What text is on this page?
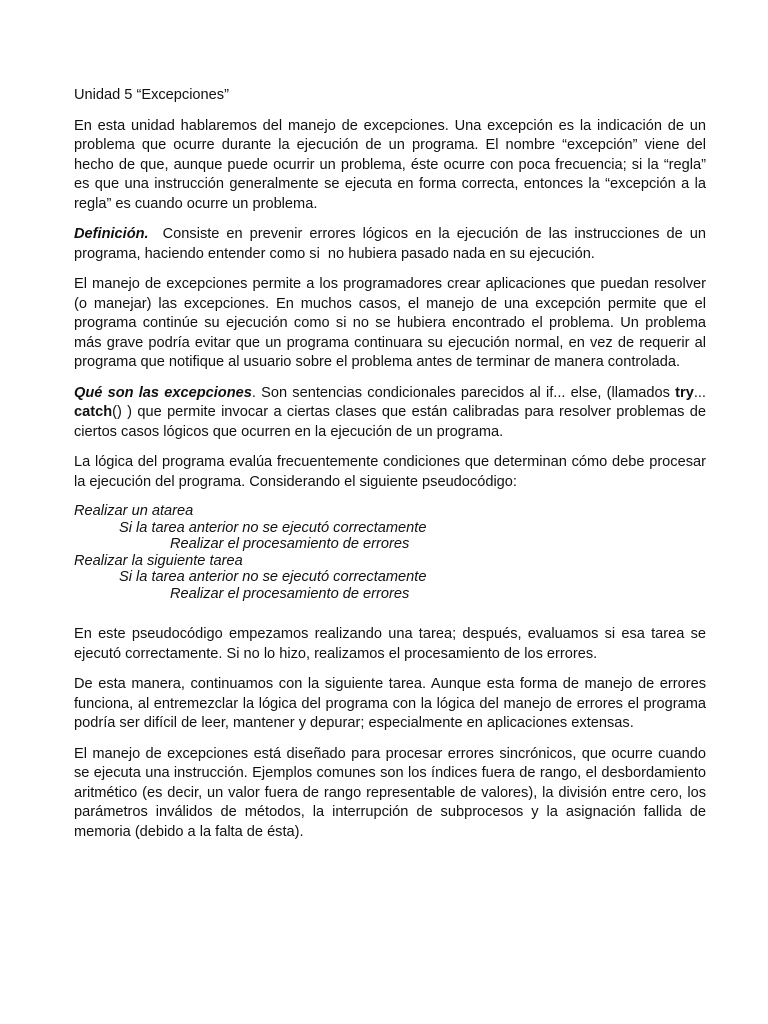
Unidad 5 “Excepciones”

En esta unidad hablaremos del manejo de excepciones. Una excepción es la indicación de un problema que ocurre durante la ejecución de un programa. El nombre “excepción” viene del hecho de que, aunque puede ocurrir un problema, éste ocurre con poca frecuencia; si la “regla” es que una instrucción generalmente se ejecuta en forma correcta, entonces la “excepción a la regla” es cuando ocurre un problema.

Definición.  Consiste en prevenir errores lógicos en la ejecución de las instrucciones de un programa, haciendo entender como si  no hubiera pasado nada en su ejecución.

El manejo de excepciones permite a los programadores crear aplicaciones que puedan resolver (o manejar) las excepciones. En muchos casos, el manejo de una excepción permite que el programa continúe su ejecución como si no se hubiera encontrado el problema. Un problema más grave podría evitar que un programa continuara su ejecución normal, en vez de requerir al programa que notifique al usuario sobre el problema antes de terminar de manera controlada.

Qué son las excepciones. Son sentencias condicionales parecidos al if... else, (llamados try... catch() ) que permite invocar a ciertas clases que están calibradas para resolver problemas de ciertos casos lógicos que ocurren en la ejecución de un programa.

La lógica del programa evalúa frecuentemente condiciones que determinan cómo debe procesar la ejecución del programa. Considerando el siguiente pseudocódigo:

Realizar un atarea
Si la tarea anterior no se ejecutó correctamente
Realizar el procesamiento de errores
Realizar la siguiente tarea
Si la tarea anterior no se ejecutó correctamente
Realizar el procesamiento de errores

En este pseudocódigo empezamos realizando una tarea; después, evaluamos si esa tarea se ejecutó correctamente. Si no lo hizo, realizamos el procesamiento de los errores.

De esta manera, continuamos con la siguiente tarea. Aunque esta forma de manejo de errores funciona, al entremezclar la lógica del programa con la lógica del manejo de errores el programa podría ser difícil de leer, mantener y depurar; especialmente en aplicaciones extensas.

El manejo de excepciones está diseñado para procesar errores sincrónicos, que ocurre cuando se ejecuta una instrucción. Ejemplos comunes son los índices fuera de rango, el desbordamiento aritmético (es decir, un valor fuera de rango representable de valores), la división entre cero, los parámetros inválidos de métodos, la interrupción de subprocesos y la asignación fallida de memoria (debido a la falta de ésta).
